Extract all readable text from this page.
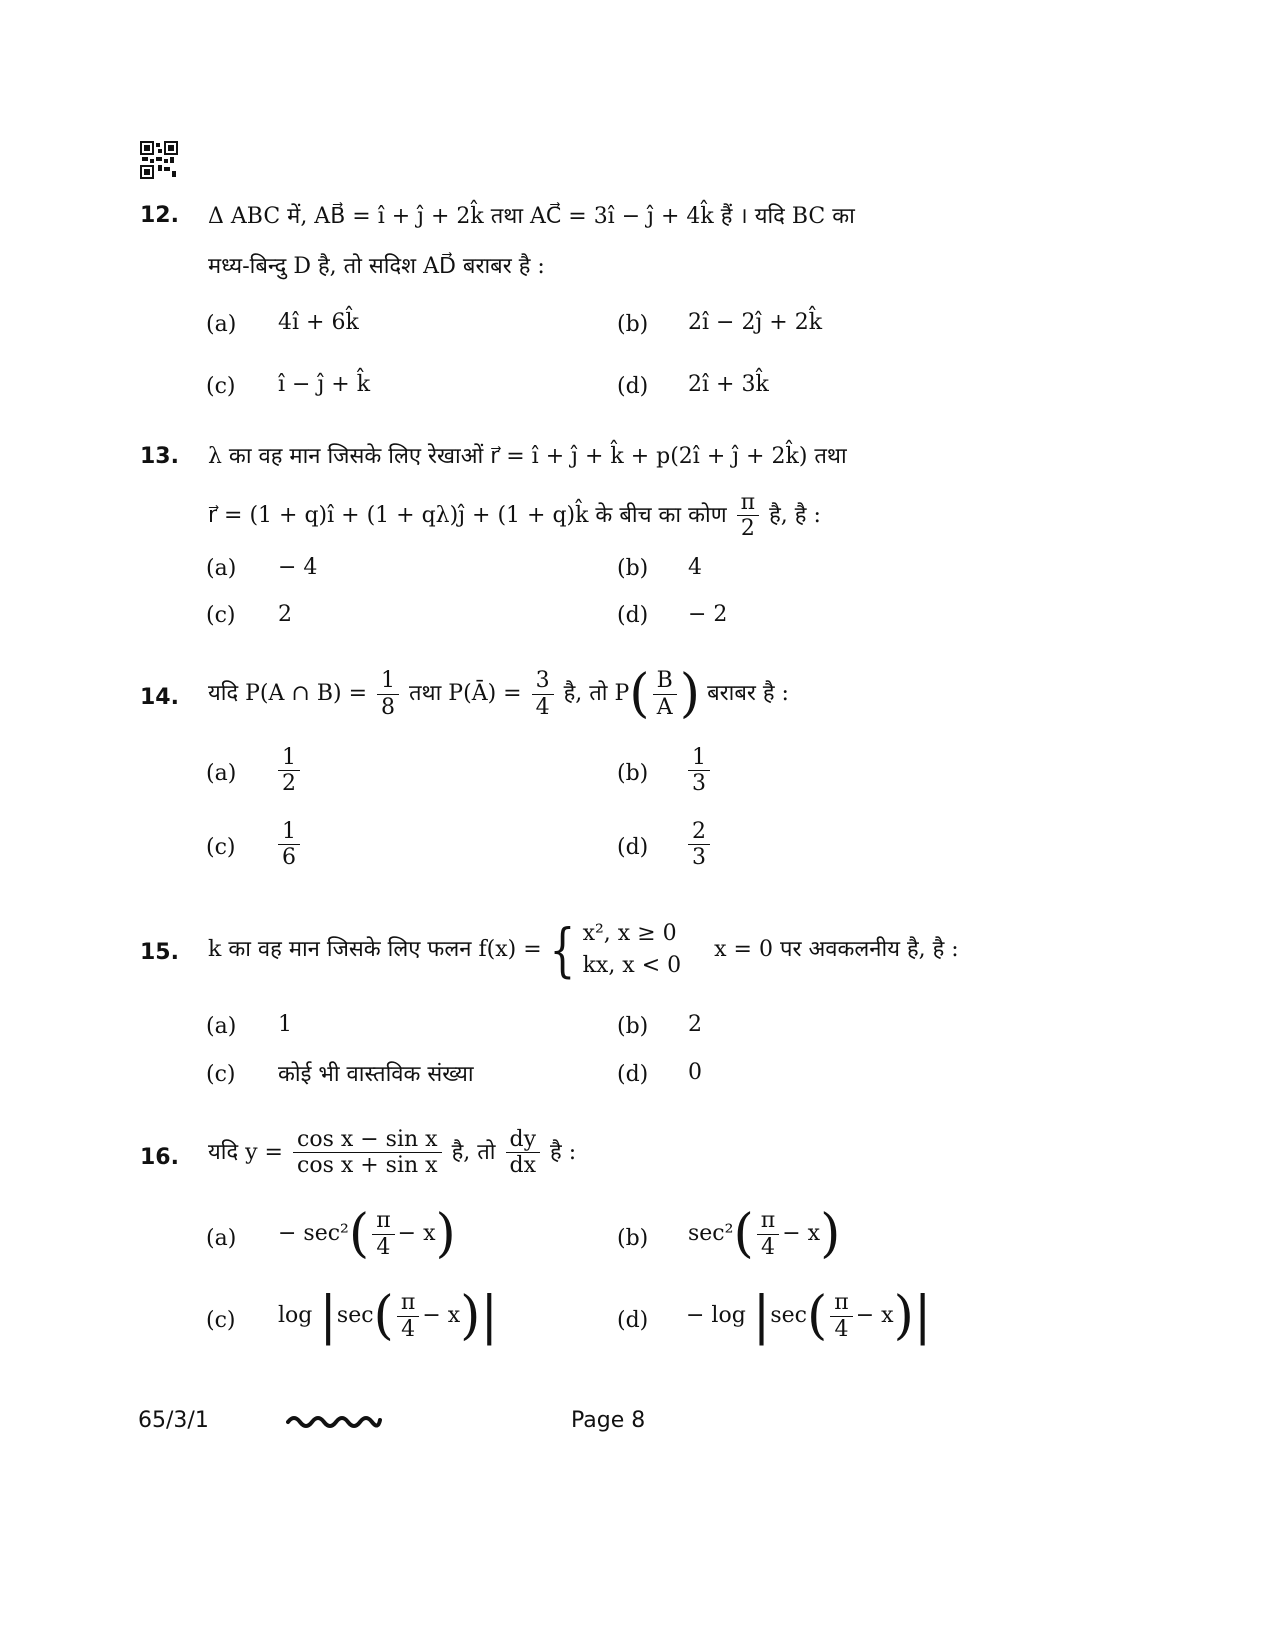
12. Δ ABC में, AB⃗ = î + ĵ + 2k̂ तथा AC⃗ = 3î − ĵ + 4k̂ हैं । यदि BC का
मध्य-बिन्दु D है, तो सदिश AD⃗ बराबर है :
(a) 4î + 6k̂	(b) 2î − 2ĵ + 2k̂
(c) î − ĵ + k̂	(d) 2î + 3k̂
13. λ का वह मान जिसके लिए रेखाओं r⃗ = î + ĵ + k̂ + p(2î + ĵ + 2k̂) तथा
r⃗ = (1 + q)î + (1 + qλ)ĵ + (1 + q)k̂ के बीच का कोण $\frac{\pi}{2}$ है, है :
(a) − 4	(b) 4
(c) 2	(d) − 2
14. यदि P(A ∩ $B) = \frac{1}{8}$ तथा P(Ā) = $\frac{3}{4}$ है, तो $P( \frac{B}{A}$ ) बराबर है :
$(a) \frac{1}{2}$	$(b) \frac{1}{3}$
$(c) \frac{1}{6}$	$(d) \frac{2}{3}$
15. k का वह मान जिसके लिए फलन f(x) = { x², x ≥ 0
kx, x < 0
x = 0 पर अवकलनीय है, है :
(a) 1	(b) 2
(c) कोई भी वास्तविक संख्या	(d) 0
16. यदि $y = \frac{\text{cos x − sin x}}{\text{cos x + sin x}}$ है, तो $\frac{dy}{dx}$ है :
$(a) - \sec^2( \frac{\pi}{4} - x)$	(b) $\sec^2( \frac{\pi}{4} - x)$
(c) $\log |\sec( \frac{\pi}{4} - x)|$	$(d) - \log |\sec( \frac{\pi}{4} - x)|$
65/3/1	Page 8
